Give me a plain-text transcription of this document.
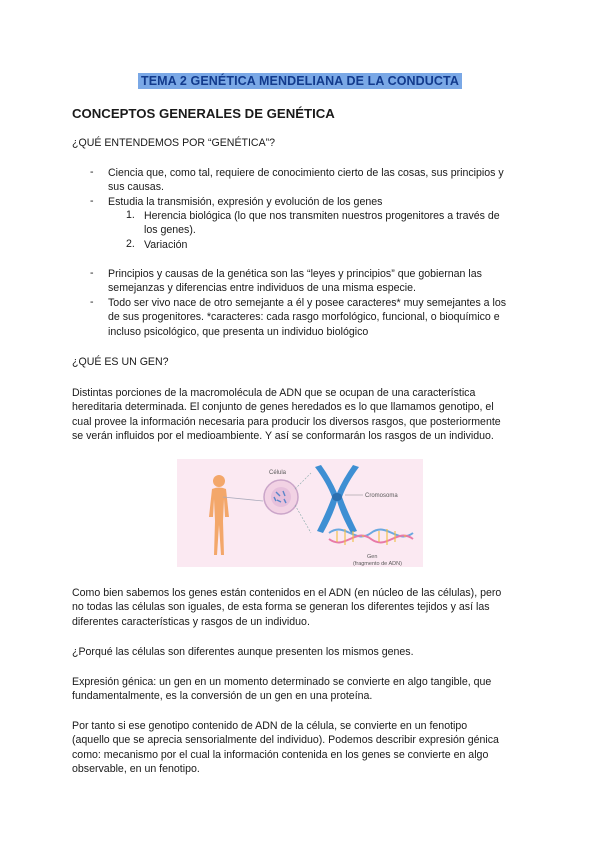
TEMA 2 GENÉTICA MENDELIANA DE LA CONDUCTA
CONCEPTOS GENERALES DE GENÉTICA
¿QUÉ ENTENDEMOS POR “GENÉTICA”?
- Ciencia que, como tal, requiere de conocimiento cierto de las cosas, sus principios y
sus causas.
- Estudia la transmisión, expresión y evolución de los genes
1. Herencia biológica (lo que nos transmiten nuestros progenitores a través de
los genes).
2. Variación
- Principios y causas de la genética son las “leyes y principios” que gobiernan las
semejanzas y diferencias entre individuos de una misma especie.
- Todo ser vivo nace de otro semejante a él y posee caracteres* muy semejantes a los
de sus progenitores. *caracteres: cada rasgo morfológico, funcional, o bioquímico e
incluso psicológico, que presenta un individuo biológico
¿QUÉ ES UN GEN?
Distintas porciones de la macromolécula de ADN que se ocupan de una característica
hereditaria determinada. El conjunto de genes heredados es lo que llamamos genotipo, el
cual provee la información necesaria para producir los diversos rasgos, que posteriormente
se verán influidos por el medioambiente. Y así se conformarán los rasgos de un individuo.
Célula
Cromosoma
Gen
(fragmento de ADN)
Como bien sabemos los genes están contenidos en el ADN (en núcleo de las células), pero
no todas las células son iguales, de esta forma se generan los diferentes tejidos y así las
diferentes características y rasgos de un individuo.
¿Porqué las células son diferentes aunque presenten los mismos genes.
Expresión génica: un gen en un momento determinado se convierte en algo tangible, que
fundamentalmente, es la conversión de un gen en una proteína.
Por tanto si ese genotipo contenido de ADN de la célula, se convierte en un fenotipo
(aquello que se aprecia sensorialmente del individuo). Podemos describir expresión génica
como: mecanismo por el cual la información contenida en los genes se convierte en algo
observable, en un fenotipo.
